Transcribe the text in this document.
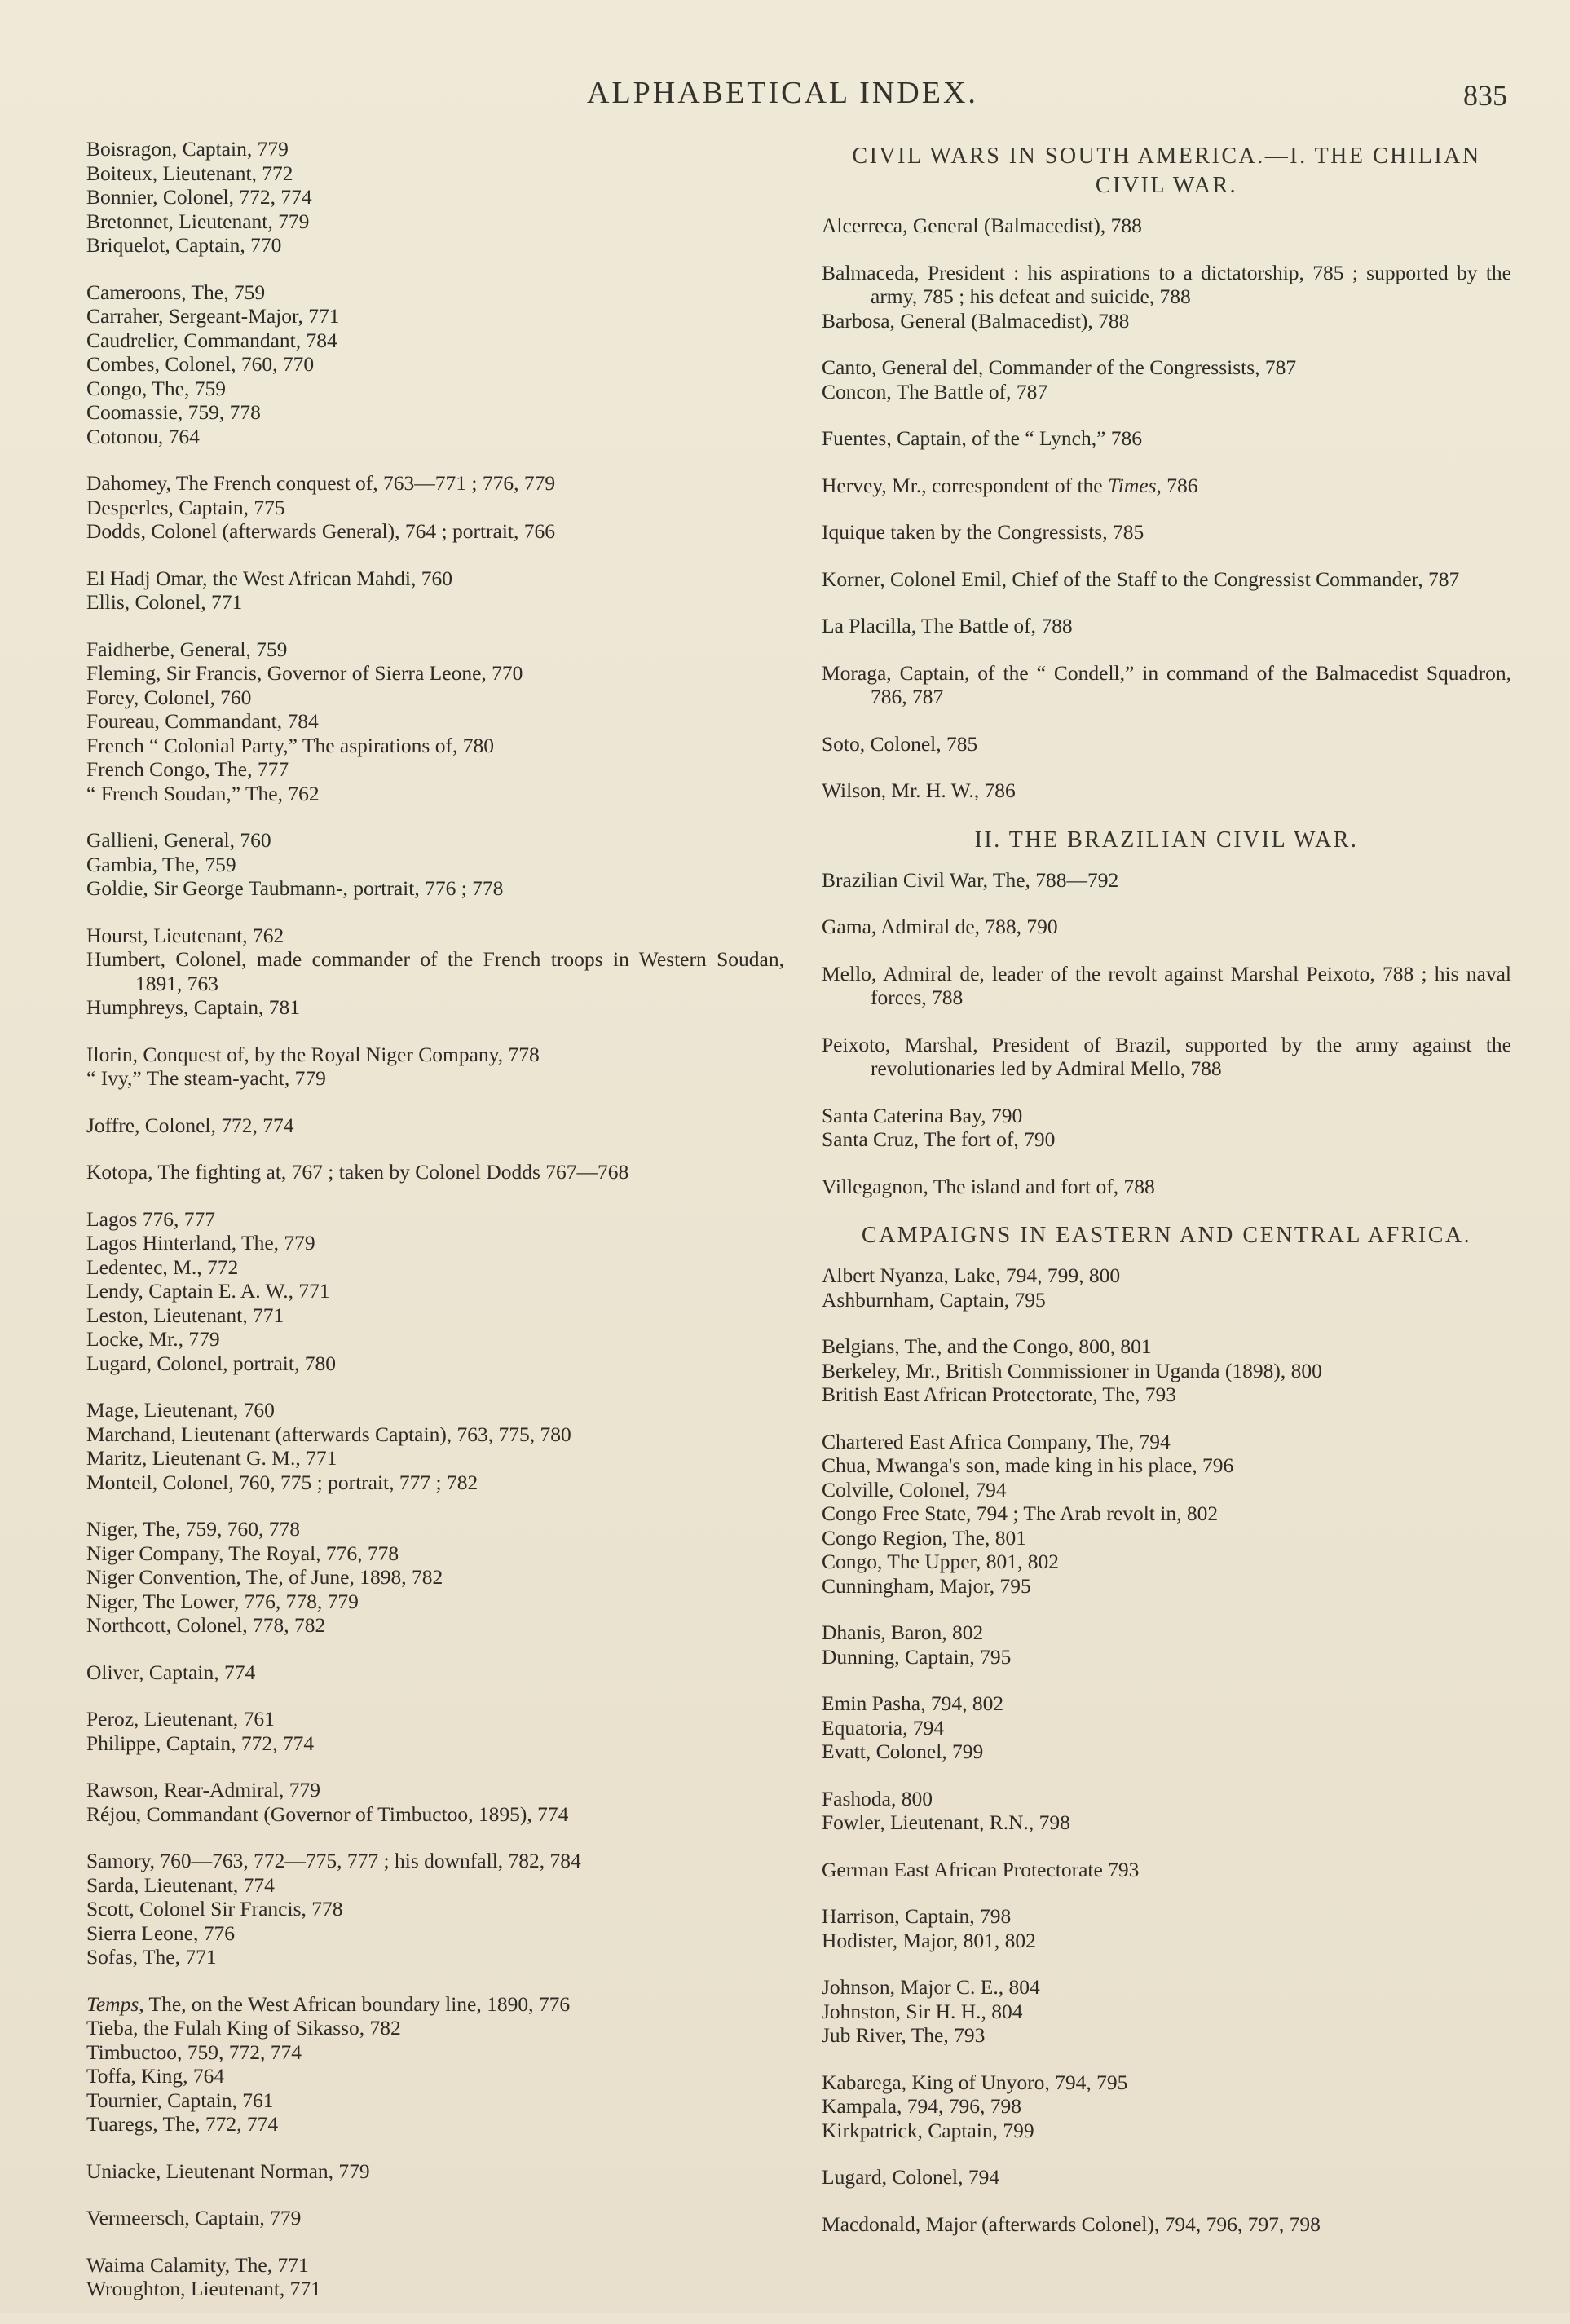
ALPHABETICAL INDEX.	835
Boisragon, Captain, 779
Boiteux, Lieutenant, 772
Bonnier, Colonel, 772, 774
Bretonnet, Lieutenant, 779
Briquelot, Captain, 770
Cameroons, The, 759
Carraher, Sergeant-Major, 771
Caudrelier, Commandant, 784
Combes, Colonel, 760, 770
Congo, The, 759
Coomassie, 759, 778
Cotonou, 764
Dahomey, The French conquest of, 763—771 ; 776, 779
Desperles, Captain, 775
Dodds, Colonel (afterwards General), 764 ; portrait, 766
El Hadj Omar, the West African Mahdi, 760
Ellis, Colonel, 771
Faidherbe, General, 759
Fleming, Sir Francis, Governor of Sierra Leone, 770
Forey, Colonel, 760
Foureau, Commandant, 784
French “ Colonial Party,” The aspirations of, 780
French Congo, The, 777
“ French Soudan,” The, 762
Gallieni, General, 760
Gambia, The, 759
Goldie, Sir George Taubmann-, portrait, 776 ; 778
Hourst, Lieutenant, 762
Humbert, Colonel, made commander of the French troops in Western Soudan, 1891, 763
Humphreys, Captain, 781
Ilorin, Conquest of, by the Royal Niger Company, 778
“ Ivy,” The steam-yacht, 779
Joffre, Colonel, 772, 774
Kotopa, The fighting at, 767 ; taken by Colonel Dodds 767—768
Lagos 776, 777
Lagos Hinterland, The, 779
Ledentec, M., 772
Lendy, Captain E. A. W., 771
Leston, Lieutenant, 771
Locke, Mr., 779
Lugard, Colonel, portrait, 780
Mage, Lieutenant, 760
Marchand, Lieutenant (afterwards Captain), 763, 775, 780
Maritz, Lieutenant G. M., 771
Monteil, Colonel, 760, 775 ; portrait, 777 ; 782
Niger, The, 759, 760, 778
Niger Company, The Royal, 776, 778
Niger Convention, The, of June, 1898, 782
Niger, The Lower, 776, 778, 779
Northcott, Colonel, 778, 782
Oliver, Captain, 774
Peroz, Lieutenant, 761
Philippe, Captain, 772, 774
Rawson, Rear-Admiral, 779
Réjou, Commandant (Governor of Timbuctoo, 1895), 774
Samory, 760—763, 772—775, 777 ; his downfall, 782, 784
Sarda, Lieutenant, 774
Scott, Colonel Sir Francis, 778
Sierra Leone, 776
Sofas, The, 771
Temps, The, on the West African boundary line, 1890, 776
Tieba, the Fulah King of Sikasso, 782
Timbuctoo, 759, 772, 774
Toffa, King, 764
Tournier, Captain, 761
Tuaregs, The, 772, 774
Uniacke, Lieutenant Norman, 779
Vermeersch, Captain, 779
Waima Calamity, The, 771
Wroughton, Lieutenant, 771
CIVIL WARS IN SOUTH AMERICA.—I. THE CHILIAN CIVIL WAR.
Alcerreca, General (Balmacedist), 788
Balmaceda, President : his aspirations to a dictatorship, 785 ; supported by the army, 785 ; his defeat and suicide, 788
Barbosa, General (Balmacedist), 788
Canto, General del, Commander of the Congressists, 787
Concon, The Battle of, 787
Fuentes, Captain, of the “ Lynch,” 786
Hervey, Mr., correspondent of the Times, 786
Iquique taken by the Congressists, 785
Korner, Colonel Emil, Chief of the Staff to the Congressist Commander, 787
La Placilla, The Battle of, 788
Moraga, Captain, of the “ Condell,” in command of the Balmacedist Squadron, 786, 787
Soto, Colonel, 785
Wilson, Mr. H. W., 786
II. THE BRAZILIAN CIVIL WAR.
Brazilian Civil War, The, 788—792
Gama, Admiral de, 788, 790
Mello, Admiral de, leader of the revolt against Marshal Peixoto, 788 ; his naval forces, 788
Peixoto, Marshal, President of Brazil, supported by the army against the revolutionaries led by Admiral Mello, 788
Santa Caterina Bay, 790
Santa Cruz, The fort of, 790
Villegagnon, The island and fort of, 788
CAMPAIGNS IN EASTERN AND CENTRAL AFRICA.
Albert Nyanza, Lake, 794, 799, 800
Ashburnham, Captain, 795
Belgians, The, and the Congo, 800, 801
Berkeley, Mr., British Commissioner in Uganda (1898), 800
British East African Protectorate, The, 793
Chartered East Africa Company, The, 794
Chua, Mwanga's son, made king in his place, 796
Colville, Colonel, 794
Congo Free State, 794 ; The Arab revolt in, 802
Congo Region, The, 801
Congo, The Upper, 801, 802
Cunningham, Major, 795
Dhanis, Baron, 802
Dunning, Captain, 795
Emin Pasha, 794, 802
Equatoria, 794
Evatt, Colonel, 799
Fashoda, 800
Fowler, Lieutenant, R.N., 798
German East African Protectorate 793
Harrison, Captain, 798
Hodister, Major, 801, 802
Johnson, Major C. E., 804
Johnston, Sir H. H., 804
Jub River, The, 793
Kabarega, King of Unyoro, 794, 795
Kampala, 794, 796, 798
Kirkpatrick, Captain, 799
Lugard, Colonel, 794
Macdonald, Major (afterwards Colonel), 794, 796, 797, 798
